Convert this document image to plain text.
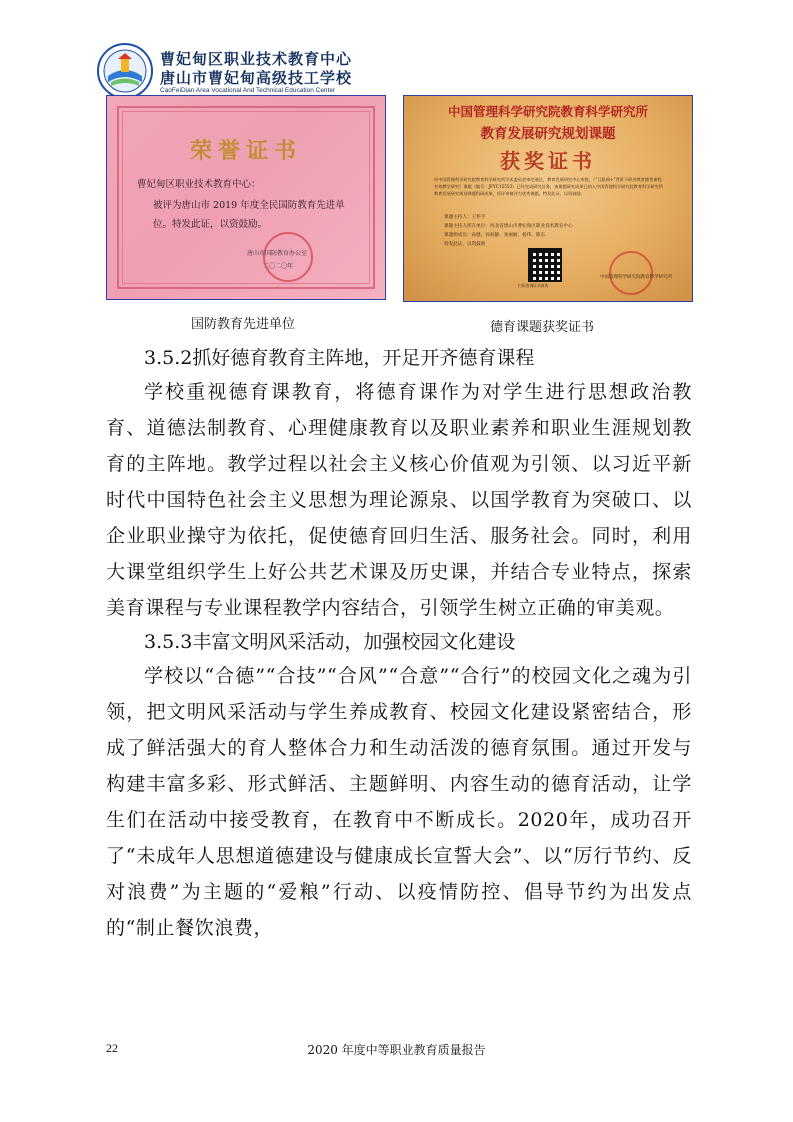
曹妃甸区职业技术教育中心
唐山市曹妃甸高级技工学校
CaoFeiDian Area Vocational And Technical Education Center
荣誉证书
曹妃甸区职业技术教育中心：
被评为唐山市 2019 年度全民国防教育先进单位。特发此证，以资鼓励。
唐山市国防教育办公室
二〇二〇年
中国管理科学研究院教育科学研究所
教育发展研究规划课题
获奖证书
经中国管理科学研究院教育科学研究所学术委员会审定通过，教育发展研究中心审批，《“互联网+”背景下职业教育德育课程有效教学研究》课题（编号：JFYC15553）已经完成研究任务，该课题研究成果已纳入中国管理科学研究院教育科学研究所教育发展研究规划课题科研成果，经评审被评为优秀课题，特发此证，以资鼓励。
课题主持人：王怀平
课题主持人所在单位：河北省唐山市曹妃甸区职业技术教育中心
课题组成员：孙健、孙海静、张丽丽、杨伟、陈东
特发此证，以资鼓励
扫码查询证书真伪
中国管理科学研究院教育科学研究所
国防教育先进单位	德育课题获奖证书

3.5.2抓好德育教育主阵地，开足开齐德育课程

学校重视德育课教育，将德育课作为对学生进行思想政治教育、道德法制教育、心理健康教育以及职业素养和职业生涯规划教育的主阵地。教学过程以社会主义核心价值观为引领、以习近平新时代中国特色社会主义思想为理论源泉、以国学教育为突破口、以企业职业操守为依托，促使德育回归生活、服务社会。同时，利用大课堂组织学生上好公共艺术课及历史课，并结合专业特点，探索美育课程与专业课程教学内容结合，引领学生树立正确的审美观。

3.5.3丰富文明风采活动，加强校园文化建设

学校以“合德”“合技”“合风”“合意”“合行”的校园文化之魂为引领，把文明风采活动与学生养成教育、校园文化建设紧密结合，形成了鲜活强大的育人整体合力和生动活泼的德育氛围。通过开发与构建丰富多彩、形式鲜活、主题鲜明、内容生动的德育活动，让学生们在活动中接受教育，在教育中不断成长。2020年，成功召开了“未成年人思想道德建设与健康成长宣誓大会”、以“厉行节约、反对浪费”为主题的“爱粮”行动、以疫情防控、倡导节约为出发点的“制止餐饮浪费，

22	2020 年度中等职业教育质量报告
